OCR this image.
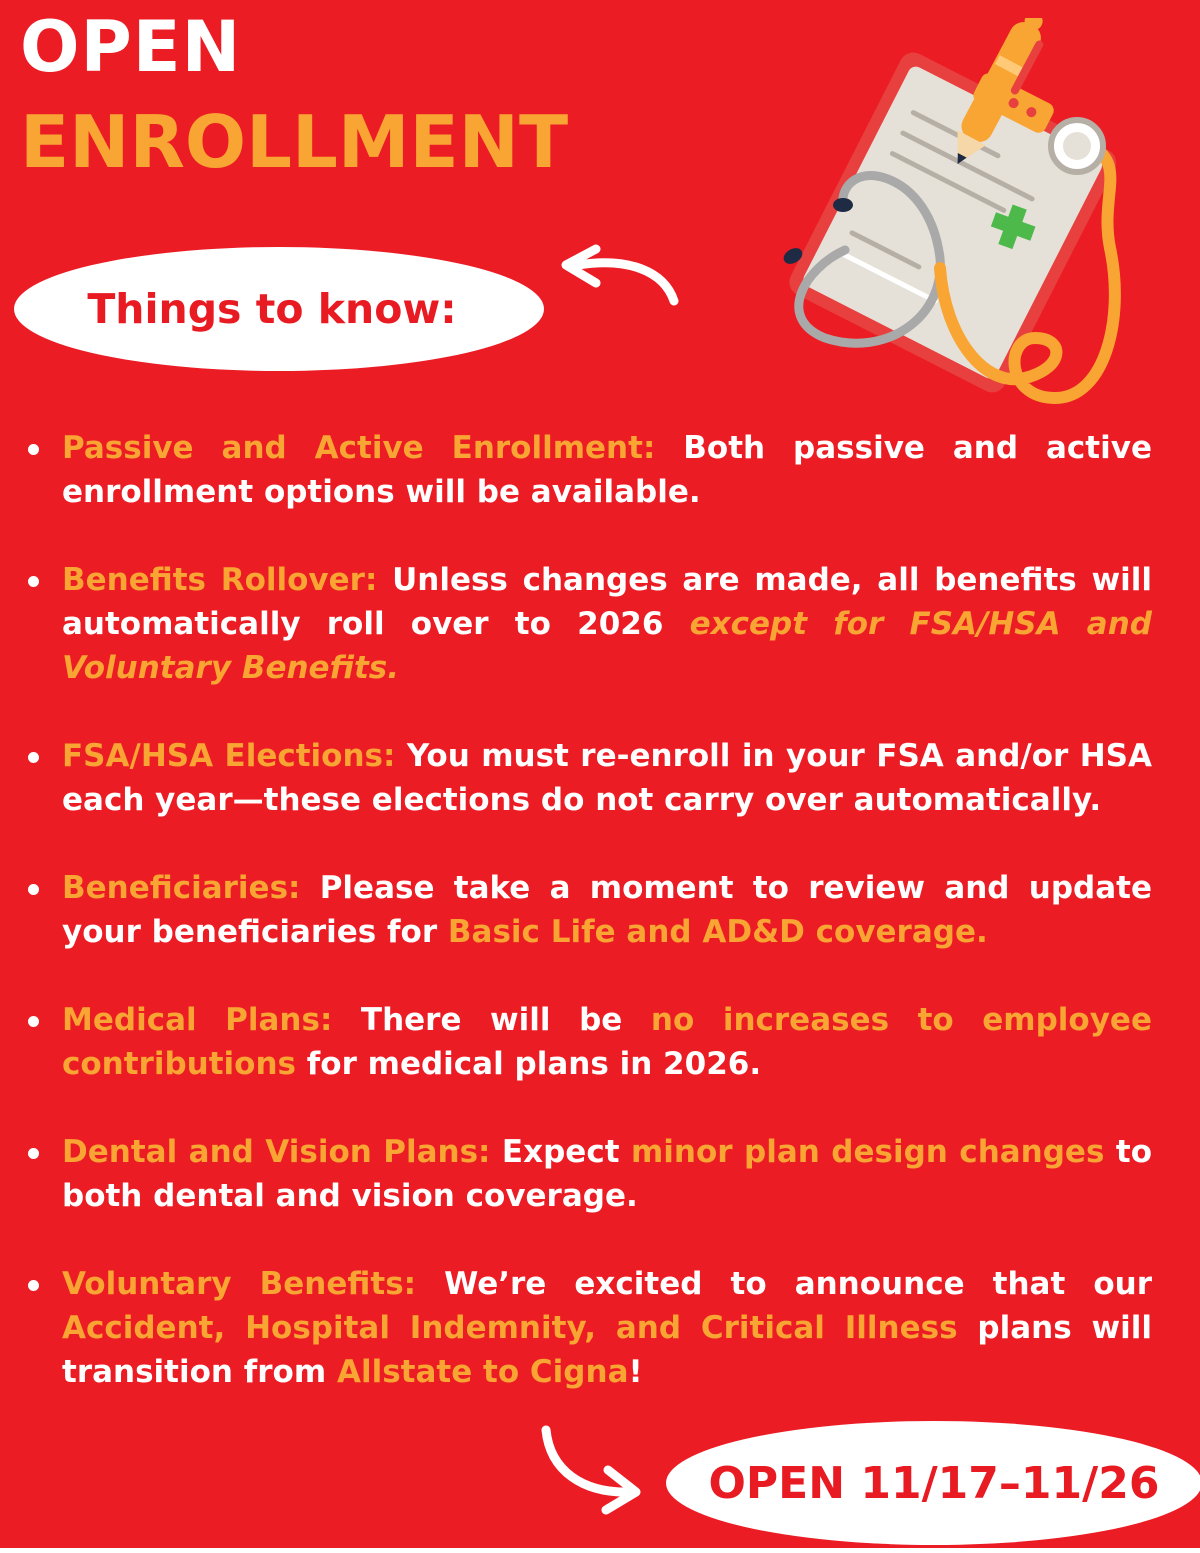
OPEN
ENROLLMENT
Things to know:
Passive and Active Enrollment: Both passive and active enrollment options will be available.
Benefits Rollover: Unless changes are made, all benefits will automatically roll over to 2026 except for FSA/HSA and Voluntary Benefits.
FSA/HSA Elections: You must re-enroll in your FSA and/or HSA each year—these elections do not carry over automatically.
Beneficiaries: Please take a moment to review and update your beneficiaries for Basic Life and AD&D coverage.
Medical Plans: There will be no increases to employee contributions for medical plans in 2026.
Dental and Vision Plans: Expect minor plan design changes to both dental and vision coverage.
Voluntary Benefits: We’re excited to announce that our Accident, Hospital Indemnity, and Critical Illness plans will transition from Allstate to Cigna!
OPEN 11/17–11/26
